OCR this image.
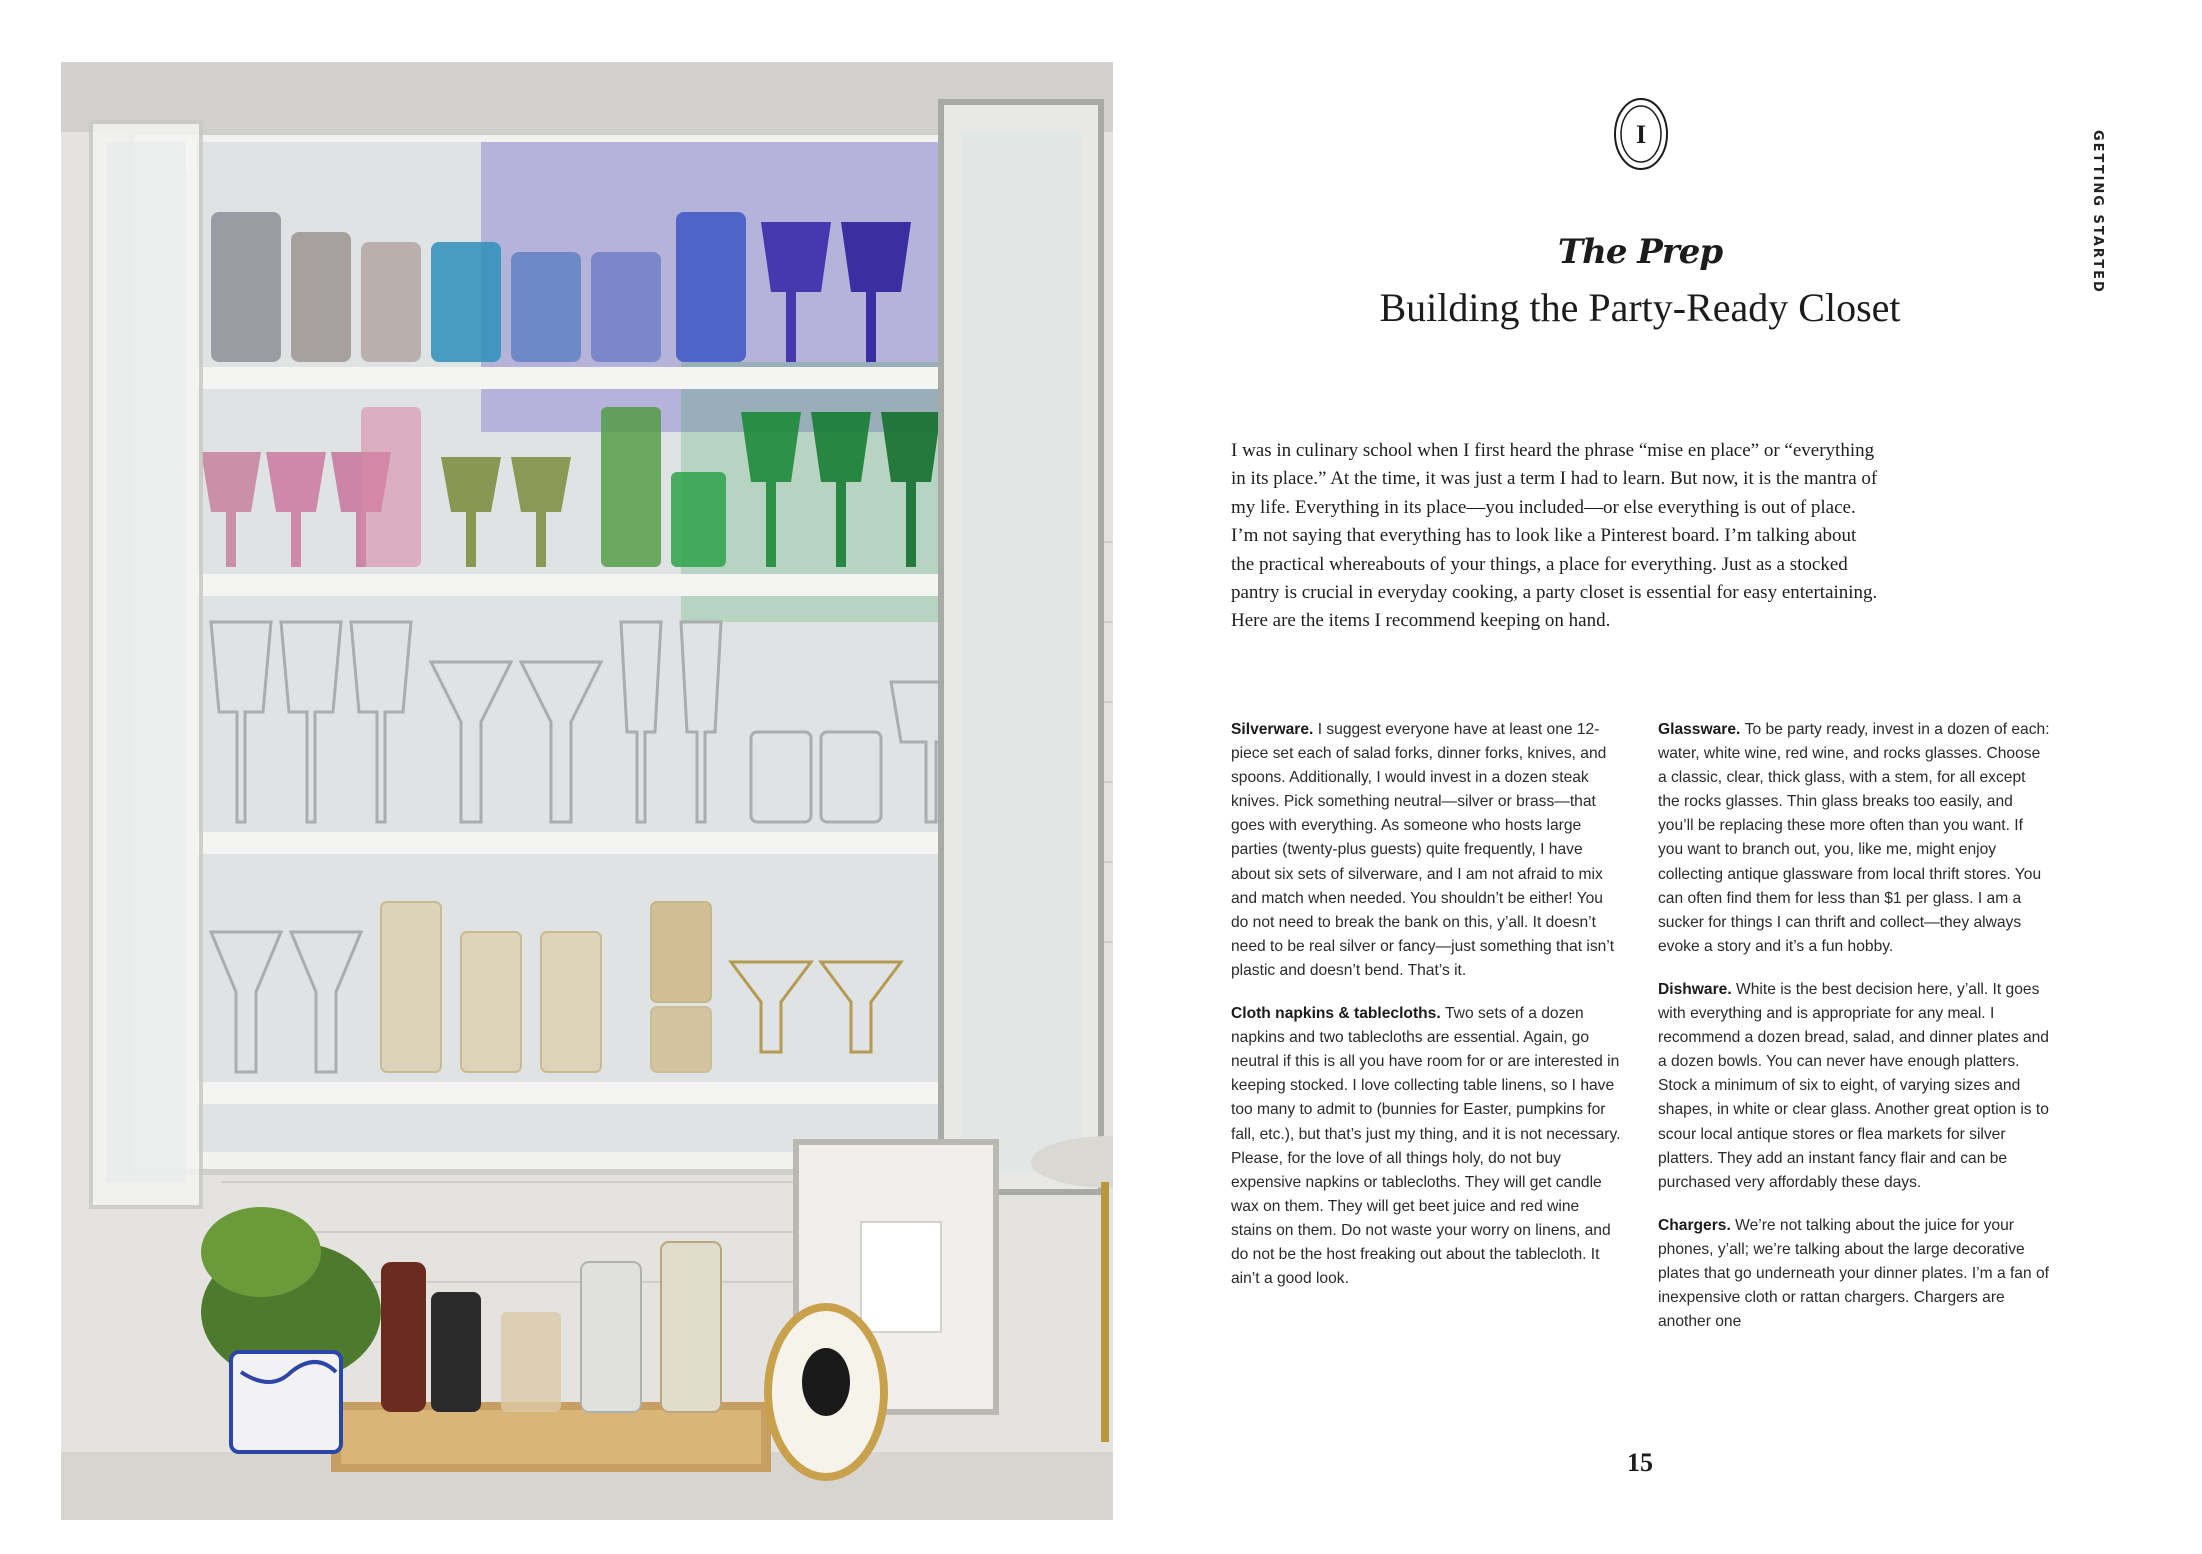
I	GETTING STARTED
The Prep
Building the Party-Ready Closet

I was in culinary school when I first heard the phrase “mise en place” or “everything in its place.” At the time, it was just a term I had to learn. But now, it is the mantra of my life. Everything in its place—you included—or else everything is out of place. I’m not saying that everything has to look like a Pinterest board. I’m talking about the practical whereabouts of your things, a place for everything. Just as a stocked pantry is crucial in everyday cooking, a party closet is essential for easy entertaining. Here are the items I recommend keeping on hand.

Silverware. I suggest everyone have at least one 12-piece set each of salad forks, dinner forks, knives, and spoons. Additionally, I would invest in a dozen steak knives. Pick something neutral—silver or brass—that goes with everything. As someone who hosts large parties (twenty-plus guests) quite frequently, I have about six sets of silverware, and I am not afraid to mix and match when needed. You shouldn’t be either! You do not need to break the bank on this, y’all. It doesn’t need to be real silver or fancy—just something that isn’t plastic and doesn’t bend. That’s it.

Cloth napkins & tablecloths. Two sets of a dozen napkins and two tablecloths are essential. Again, go neutral if this is all you have room for or are interested in keeping stocked. I love collecting table linens, so I have too many to admit to (bunnies for Easter, pumpkins for fall, etc.), but that’s just my thing, and it is not necessary. Please, for the love of all things holy, do not buy expensive napkins or tablecloths. They will get candle wax on them. They will get beet juice and red wine stains on them. Do not waste your worry on linens, and do not be the host freaking out about the tablecloth. It ain’t a good look.

Glassware. To be party ready, invest in a dozen of each: water, white wine, red wine, and rocks glasses. Choose a classic, clear, thick glass, with a stem, for all except the rocks glasses. Thin glass breaks too easily, and you’ll be replacing these more often than you want. If you want to branch out, you, like me, might enjoy collecting antique glassware from local thrift stores. You can often find them for less than $1 per glass. I am a sucker for things I can thrift and collect—they always evoke a story and it’s a fun hobby.

Dishware. White is the best decision here, y’all. It goes with everything and is appropriate for any meal. I recommend a dozen bread, salad, and dinner plates and a dozen bowls. You can never have enough platters. Stock a minimum of six to eight, of varying sizes and shapes, in white or clear glass. Another great option is to scour local antique stores or flea markets for silver platters. They add an instant fancy flair and can be purchased very affordably these days.

Chargers. We’re not talking about the juice for your phones, y’all; we’re talking about the large decorative plates that go underneath your dinner plates. I’m a fan of inexpensive cloth or rattan chargers. Chargers are another one

15
